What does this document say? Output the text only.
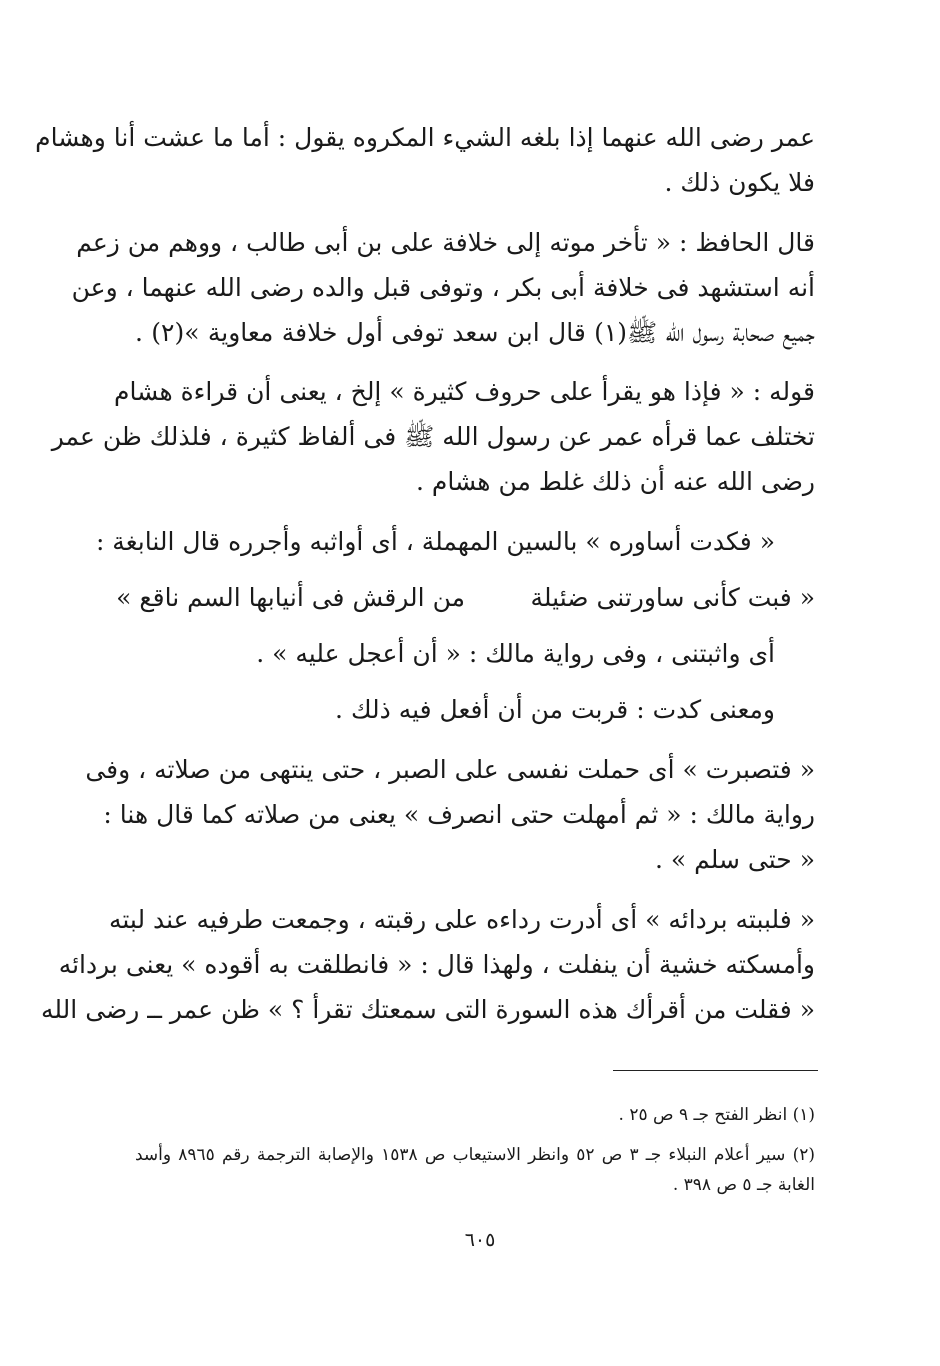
عمر رضى الله عنهما إذا بلغه الشيء المكروه يقول : أما ما عشت أنا وهشام
فلا يكون ذلك .
قال الحافظ : « تأخر موته إلى خلافة على بن أبى طالب ، ووهم من زعم
أنه استشهد فى خلافة أبى بكر ، وتوفى قبل والده رضى الله عنهما ، وعن
جميع صحابة رسول الله ﷺ(١) قال ابن سعد توفى أول خلافة معاوية »(٢) .
قوله : « فإذا هو يقرأ على حروف كثيرة » إلخ ، يعنى أن قراءة هشام
تختلف عما قرأه عمر عن رسول الله ﷺ فى ألفاظ كثيرة ، فلذلك ظن عمر
رضى الله عنه أن ذلك غلط من هشام .
« فكدت أساوره » بالسين المهملة ، أى أواثبه وأجرره قال النابغة :
« فبت كأنى ساورتنى ضئيلة
من الرقش فى أنيابها السم ناقع »
أى واثبتنى ، وفى رواية مالك : « أن أعجل عليه » .
ومعنى كدت : قربت من أن أفعل فيه ذلك .
« فتصبرت » أى حملت نفسى على الصبر ، حتى ينتهى من صلاته ، وفى
رواية مالك : « ثم أمهلت حتى انصرف » يعنى من صلاته كما قال هنا :
« حتى سلم » .
« فلببته بردائه » أى أدرت رداءه على رقبته ، وجمعت طرفيه عند لبته
وأمسكته خشية أن ينفلت ، ولهذا قال : « فانطلقت به أقوده » يعنى بردائه
« فقلت من أقرأك هذه السورة التى سمعتك تقرأ ؟ » ظن عمر ــ رضى الله
(١) انظر الفتح جـ ٩ ص ٢٥ .
(٢) سير أعلام النبلاء جـ ٣ ص ٥٢ وانظر الاستيعاب ص ١٥٣٨ والإصابة الترجمة رقم ٨٩٦٥ وأسد
الغابة جـ ٥ ص ٣٩٨ .
٦٠٥
